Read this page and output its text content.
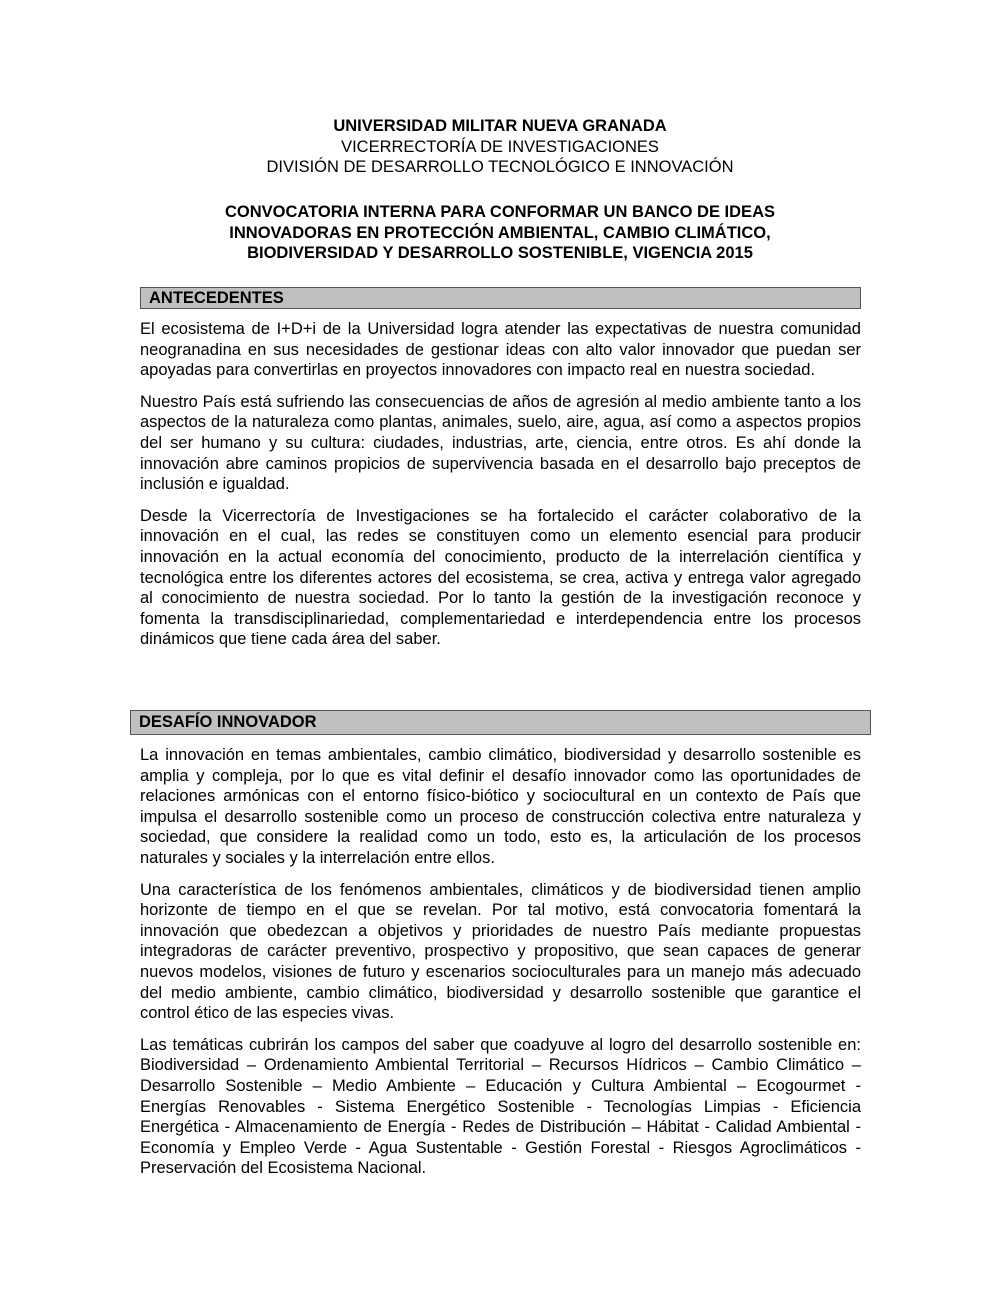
UNIVERSIDAD MILITAR NUEVA GRANADA
VICERRECTORÍA DE INVESTIGACIONES
DIVISIÓN DE DESARROLLO TECNOLÓGICO E INNOVACIÓN
CONVOCATORIA INTERNA PARA CONFORMAR UN BANCO DE IDEAS
INNOVADORAS EN PROTECCIÓN AMBIENTAL, CAMBIO CLIMÁTICO,
BIODIVERSIDAD Y DESARROLLO SOSTENIBLE, VIGENCIA 2015
ANTECEDENTES

El ecosistema de I+D+i de la Universidad logra atender las expectativas de nuestra comunidad neogranadina en sus necesidades de gestionar ideas con alto valor innovador que puedan ser apoyadas para convertirlas en proyectos innovadores con impacto real en nuestra sociedad.

Nuestro País está sufriendo las consecuencias de años de agresión al medio ambiente tanto a los aspectos de la naturaleza como plantas, animales, suelo, aire, agua, así como a aspectos propios del ser humano y su cultura: ciudades, industrias, arte, ciencia, entre otros. Es ahí donde la innovación abre caminos propicios de supervivencia basada en el desarrollo bajo preceptos de inclusión e igualdad.

Desde la Vicerrectoría de Investigaciones se ha fortalecido el carácter colaborativo de la innovación en el cual, las redes se constituyen como un elemento esencial para producir innovación en la actual economía del conocimiento, producto de la interrelación científica y tecnológica entre los diferentes actores del ecosistema, se crea, activa y entrega valor agregado al conocimiento de nuestra sociedad. Por lo tanto la gestión de la investigación reconoce y fomenta la transdisciplinariedad, complementariedad e interdependencia entre los procesos dinámicos que tiene cada área del saber.

DESAFÍO INNOVADOR

La innovación en temas ambientales, cambio climático, biodiversidad y desarrollo sostenible es amplia y compleja, por lo que es vital definir el desafío innovador como las oportunidades de relaciones armónicas con el entorno físico-biótico y sociocultural en un contexto de País que impulsa el desarrollo sostenible como un proceso de construcción colectiva entre naturaleza y sociedad, que considere la realidad como un todo, esto es, la articulación de los procesos naturales y sociales y la interrelación entre ellos.

Una característica de los fenómenos ambientales, climáticos y de biodiversidad tienen amplio horizonte de tiempo en el que se revelan. Por tal motivo, está convocatoria fomentará la innovación que obedezcan a objetivos y prioridades de nuestro País mediante propuestas integradoras de carácter preventivo, prospectivo y propositivo, que sean capaces de generar nuevos modelos, visiones de futuro y escenarios socioculturales para un manejo más adecuado del medio ambiente, cambio climático, biodiversidad y desarrollo sostenible que garantice el control ético de las especies vivas.

Las temáticas cubrirán los campos del saber que coadyuve al logro del desarrollo sostenible en: Biodiversidad – Ordenamiento Ambiental Territorial – Recursos Hídricos – Cambio Climático – Desarrollo Sostenible – Medio Ambiente – Educación y Cultura Ambiental – Ecogourmet - Energías Renovables - Sistema Energético Sostenible - Tecnologías Limpias - Eficiencia Energética - Almacenamiento de Energía - Redes de Distribución – Hábitat - Calidad Ambiental - Economía y Empleo Verde - Agua Sustentable - Gestión Forestal - Riesgos Agroclimáticos - Preservación del Ecosistema Nacional.
